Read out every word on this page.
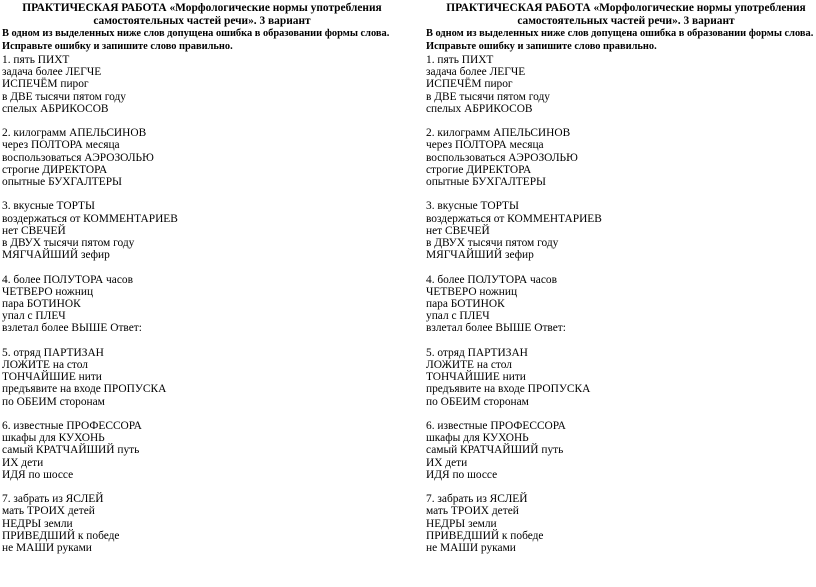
ПРАКТИЧЕСКАЯ РАБОТА «Морфологические нормы употребления

самостоятельных частей речи». 3 вариант

В одном из выделенных ниже слов допущена ошибка в образовании формы слова.

Исправьте ошибку и запишите слово правильно.

1. пять ПИХТ
задача более ЛЕГЧЕ
ИСПЕЧЁМ пирог
в ДВЕ тысячи пятом году
спелых АБРИКОСОВ
2. килограмм АПЕЛЬСИНОВ
через ПОЛТОРА месяца
воспользоваться АЭРОЗОЛЬЮ
строгие ДИРЕКТОРА
опытные БУХГАЛТЕРЫ
3. вкусные ТОРТЫ
воздержаться от КОММЕНТАРИЕВ
нет СВЕЧЕЙ
в ДВУХ тысячи пятом году
МЯГЧАЙШИЙ зефир
4. более ПОЛУТОРА часов
ЧЕТВЕРО ножниц
пара БОТИНОК
упал с ПЛЕЧ
взлетал более ВЫШЕ Ответ:
5. отряд ПАРТИЗАН
ЛОЖИТЕ на стол
ТОНЧАЙШИЕ нити
предъявите на входе ПРОПУСКА
по ОБЕИМ сторонам
6. известные ПРОФЕССОРА
шкафы для КУХОНЬ
самый КРАТЧАЙШИЙ путь
ИХ дети
ИДЯ по шоссе
7. забрать из ЯСЛЕЙ
мать ТРОИХ детей
НЕДРЫ земли
ПРИВЕДШИЙ к победе
не МАШИ руками

ПРАКТИЧЕСКАЯ РАБОТА «Морфологические нормы употребления

самостоятельных частей речи». 3 вариант

В одном из выделенных ниже слов допущена ошибка в образовании формы слова.

Исправьте ошибку и запишите слово правильно.

1. пять ПИХТ
задача более ЛЕГЧЕ
ИСПЕЧЁМ пирог
в ДВЕ тысячи пятом году
спелых АБРИКОСОВ
2. килограмм АПЕЛЬСИНОВ
через ПОЛТОРА месяца
воспользоваться АЭРОЗОЛЬЮ
строгие ДИРЕКТОРА
опытные БУХГАЛТЕРЫ
3. вкусные ТОРТЫ
воздержаться от КОММЕНТАРИЕВ
нет СВЕЧЕЙ
в ДВУХ тысячи пятом году
МЯГЧАЙШИЙ зефир
4. более ПОЛУТОРА часов
ЧЕТВЕРО ножниц
пара БОТИНОК
упал с ПЛЕЧ
взлетал более ВЫШЕ Ответ:
5. отряд ПАРТИЗАН
ЛОЖИТЕ на стол
ТОНЧАЙШИЕ нити
предъявите на входе ПРОПУСКА
по ОБЕИМ сторонам
6. известные ПРОФЕССОРА
шкафы для КУХОНЬ
самый КРАТЧАЙШИЙ путь
ИХ дети
ИДЯ по шоссе
7. забрать из ЯСЛЕЙ
мать ТРОИХ детей
НЕДРЫ земли
ПРИВЕДШИЙ к победе
не МАШИ руками
